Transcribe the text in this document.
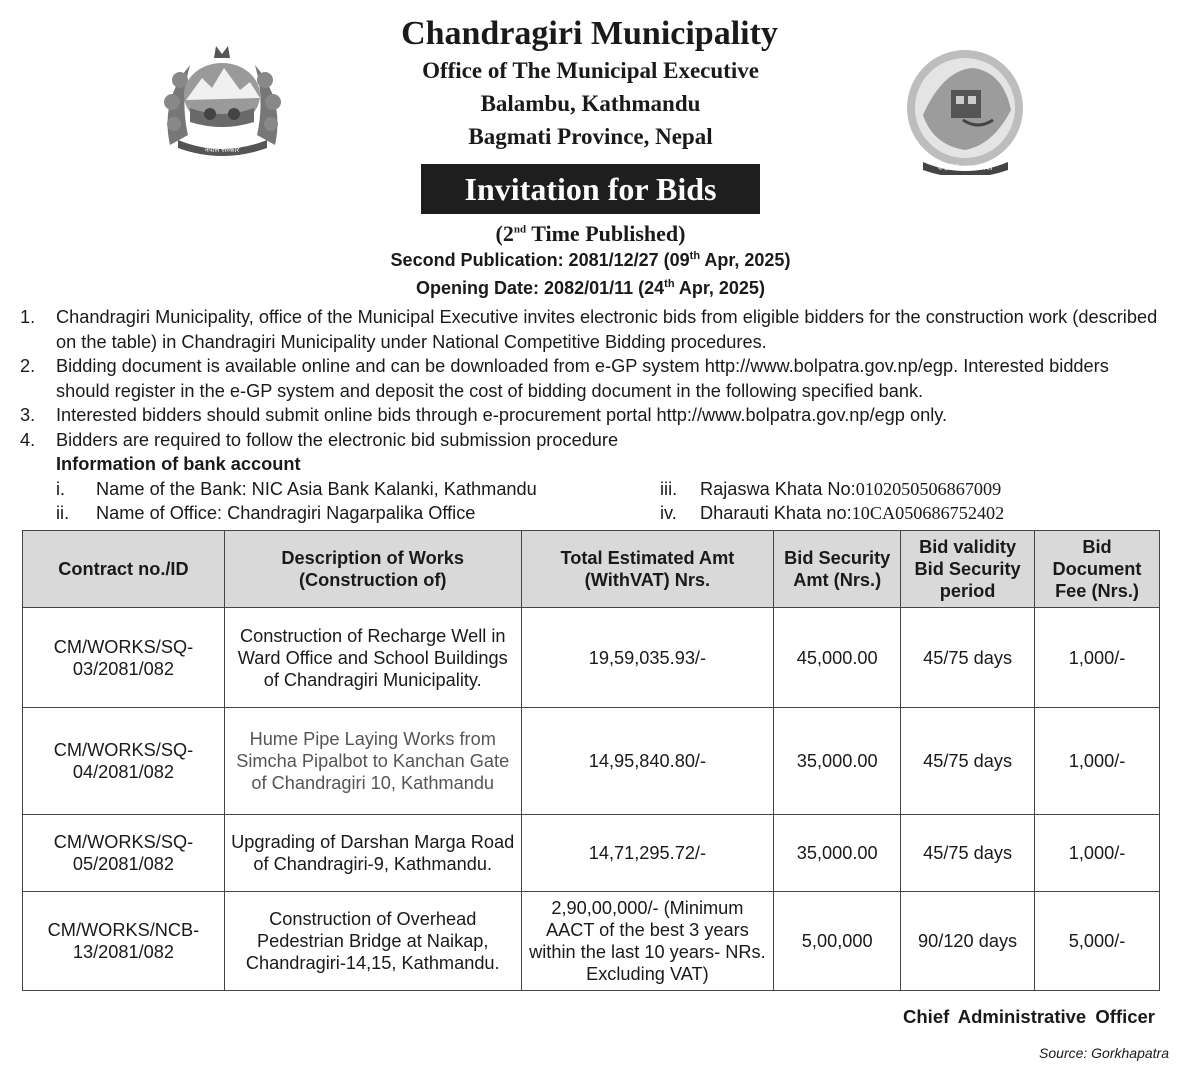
Chandragiri Municipality
Office of The Municipal Executive
Balambu, Kathmandu
Bagmati Province, Nepal
नेपाल सरकार
चन्द्रागिरि नगरपालिका
Invitation for Bids
(2nd Time Published)
Second Publication: 2081/12/27 (09th Apr, 2025)
Opening Date: 2082/01/11 (24th Apr, 2025)
1.	Chandragiri Municipality, office of the Municipal Executive invites electronic bids from eligible bidders for the construction work (described on the table) in Chandragiri Municipality under National Competitive Bidding procedures.
2.	Bidding document is available online and can be downloaded from e-GP system http://www.bolpatra.gov.np/egp. Interested bidders should register in the e-GP system and deposit the cost of bidding document in the following specified bank.
3.	Interested bidders should submit online bids through e-procurement portal http://www.bolpatra.gov.np/egp only.
4.	Bidders are required to follow the electronic bid submission procedure
Information of bank account
i.	Name of the Bank: NIC Asia Bank Kalanki, Kathmandu
ii.	Name of Office: Chandragiri Nagarpalika Office
iii.	Rajaswa Khata No: 0102050506867009
iv.	Dharauti Khata no: 10CA050686752402
Contract no./ID	Description of Works (Construction of)	Total Estimated Amt (WithVAT) Nrs.	Bid Security Amt (Nrs.)	Bid validity Bid Security period	Bid Document Fee (Nrs.)
CM/WORKS/SQ-03/2081/082	Construction of Recharge Well in Ward Office and School Buildings of Chandragiri Municipality.	19,59,035.93/-	45,000.00	45/75 days	1,000/-
CM/WORKS/SQ-04/2081/082	Hume Pipe Laying Works from Simcha Pipalbot to Kanchan Gate of Chandragiri 10, Kathmandu	14,95,840.80/-	35,000.00	45/75 days	1,000/-
CM/WORKS/SQ-05/2081/082	Upgrading of Darshan Marga Road of Chandragiri-9, Kathmandu.	14,71,295.72/-	35,000.00	45/75 days	1,000/-
CM/WORKS/NCB-13/2081/082	Construction of Overhead Pedestrian Bridge at Naikap, Chandragiri-14,15, Kathmandu.	2,90,00,000/- (Minimum AACT of the best 3 years within the last 10 years- NRs. Excluding VAT)	5,00,000	90/120 days	5,000/-
Chief Administrative Officer
Source: Gorkhapatra
